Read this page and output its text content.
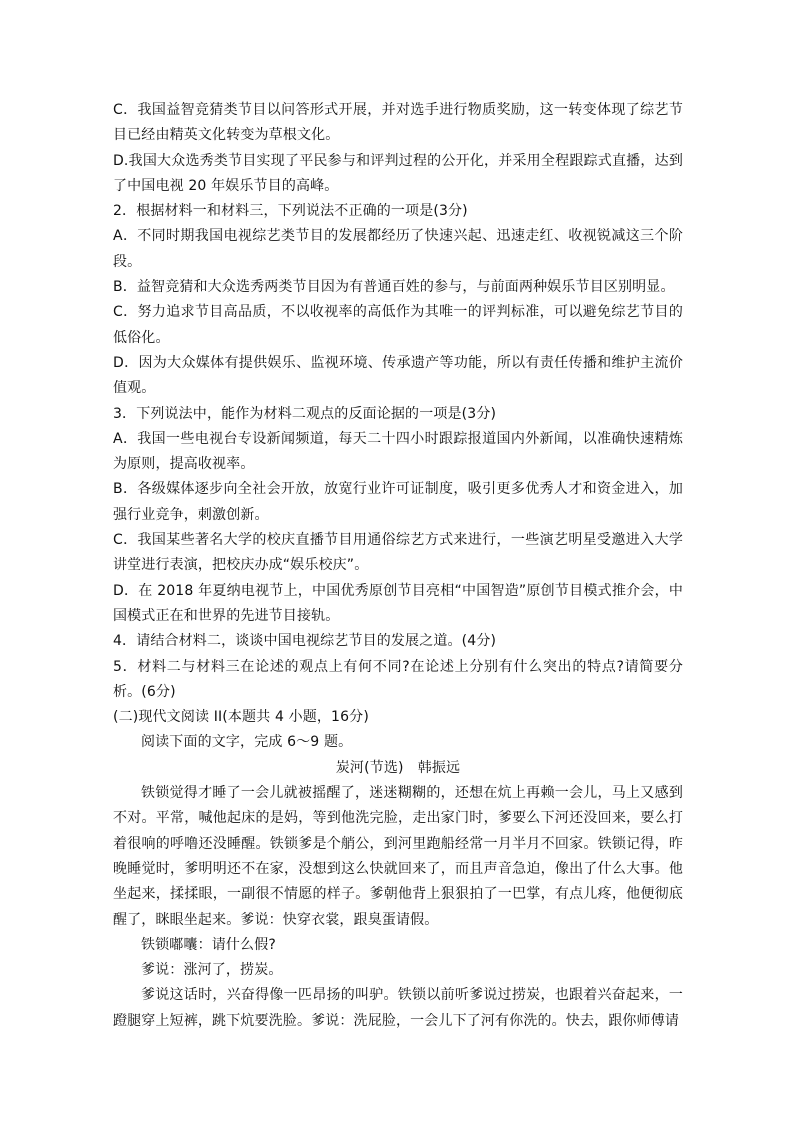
C．我国益智竞猜类节目以问答形式开展，并对选手进行物质奖励，这一转变体现了综艺节目已经由精英文化转变为草根文化。

D.我国大众选秀类节目实现了平民参与和评判过程的公开化，并采用全程跟踪式直播，达到了中国电视 20 年娱乐节目的高峰。

2．根据材料一和材料三，下列说法不正确的一项是(3分)

A．不同时期我国电视综艺类节目的发展都经历了快速兴起、迅速走红、收视锐减这三个阶段。

B．益智竞猜和大众选秀两类节目因为有普通百姓的参与，与前面两种娱乐节目区别明显。

C．努力追求节目高品质，不以收视率的高低作为其唯一的评判标准，可以避免综艺节目的低俗化。

D．因为大众媒体有提供娱乐、监视环境、传承遗产等功能，所以有责任传播和维护主流价值观。

3．下列说法中，能作为材料二观点的反面论据的一项是(3分)

A．我国一些电视台专设新闻频道，每天二十四小时跟踪报道国内外新闻，以准确快速精炼为原则，提高收视率。

B．各级媒体逐步向全社会开放，放宽行业许可证制度，吸引更多优秀人才和资金进入，加强行业竞争，刺激创新。

C．我国某些著名大学的校庆直播节目用通俗综艺方式来进行，一些演艺明星受邀进入大学讲堂进行表演，把校庆办成“娱乐校庆”。

D．在 2018 年夏纳电视节上，中国优秀原创节目亮相“中国智造”原创节目模式推介会，中国模式正在和世界的先进节目接轨。

4．请结合材料二，谈谈中国电视综艺节目的发展之道。(4分)

5．材料二与材料三在论述的观点上有何不同?在论述上分别有什么突出的特点?请简要分析。(6分)

(二)现代文阅读 II(本题共 4 小题，16分)

阅读下面的文字，完成 6～9 题。

炭河(节选)　韩振远

铁锁觉得才睡了一会儿就被摇醒了，迷迷糊糊的，还想在炕上再赖一会儿，马上又感到不对。平常，喊他起床的是妈，等到他洗完脸，走出家门时，爹要么下河还没回来，要么打着很响的呼噜还没睡醒。铁锁爹是个艄公，到河里跑船经常一月半月不回家。铁锁记得，昨晚睡觉时，爹明明还不在家，没想到这么快就回来了，而且声音急迫，像出了什么大事。他坐起来，揉揉眼，一副很不情愿的样子。爹朝他背上狠狠拍了一巴掌，有点儿疼，他便彻底醒了，眯眼坐起来。爹说：快穿衣裳，跟臭蛋请假。

铁锁嘟囔：请什么假?

爹说：涨河了，捞炭。

爹说这话时，兴奋得像一匹昂扬的叫驴。铁锁以前听爹说过捞炭，也跟着兴奋起来，一蹬腿穿上短裤，跳下炕要洗脸。爹说：洗屁脸，一会儿下了河有你洗的。快去，跟你师傅请
